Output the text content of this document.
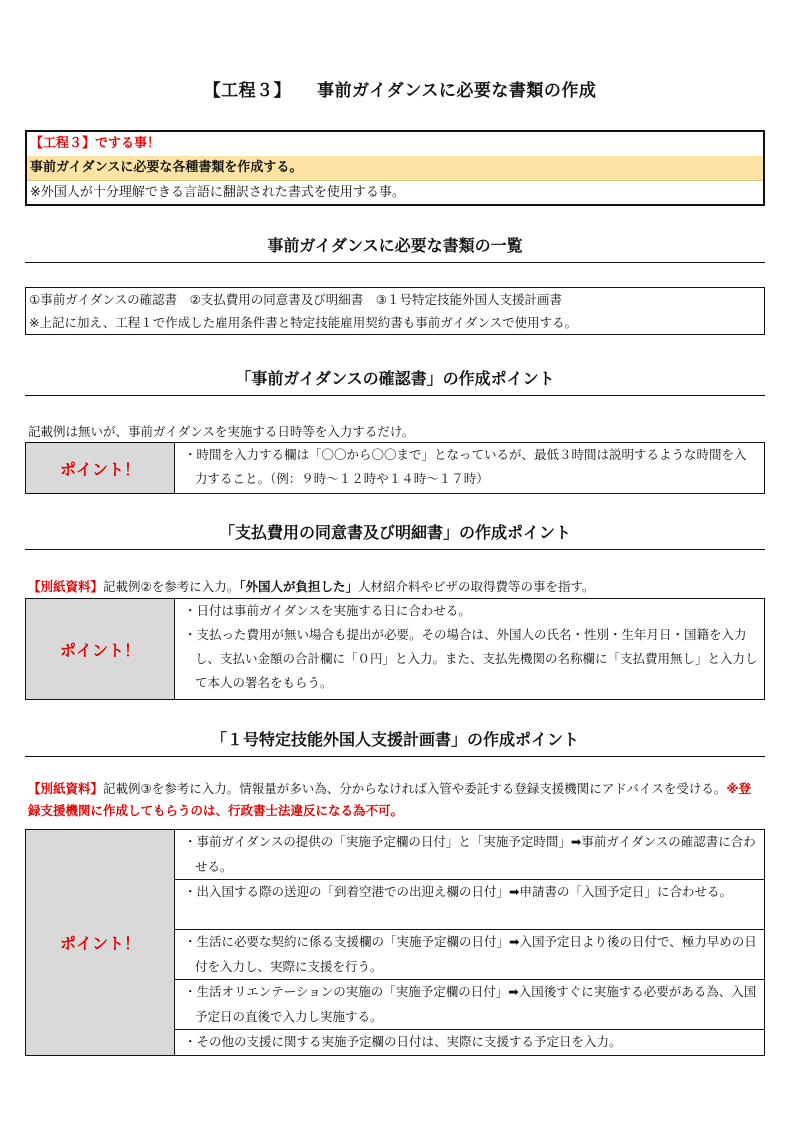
【工程３】 事前ガイダンスに必要な書類の作成
【工程３】でする事！
事前ガイダンスに必要な各種書類を作成する。
※外国人が十分理解できる言語に翻訳された書式を使用する事。
事前ガイダンスに必要な書類の一覧
①事前ガイダンスの確認書　②支払費用の同意書及び明細書　③１号特定技能外国人支援計画書
※上記に加え、工程１で作成した雇用条件書と特定技能雇用契約書も事前ガイダンスで使用する。
「事前ガイダンスの確認書」の作成ポイント
記載例は無いが、事前ガイダンスを実施する日時等を入力するだけ。
ポイント！	
・時間を入力する欄は「〇〇から〇〇まで」となっているが、最低３時間は説明するような時間を入力すること。（例：９時～１２時や１４時～１７時）
「支払費用の同意書及び明細書」の作成ポイント
【別紙資料】記載例②を参考に入力。「外国人が負担した」人材紹介料やビザの取得費等の事を指す。
ポイント！	
・日付は事前ガイダンスを実施する日に合わせる。
・支払った費用が無い場合も提出が必要。その場合は、外国人の氏名・性別・生年月日・国籍を入力し、支払い金額の合計欄に「０円」と入力。また、支払先機関の名称欄に「支払費用無し」と入力して本人の署名をもらう。
「１号特定技能外国人支援計画書」の作成ポイント
【別紙資料】記載例③を参考に入力。情報量が多い為、分からなければ入管や委託する登録支援機関にアドバイスを受ける。※登録支援機関に作成してもらうのは、行政書士法違反になる為不可。
ポイント！	
・事前ガイダンスの提供の「実施予定欄の日付」と「実施予定時間」➡事前ガイダンスの確認書に合わせる。

・出入国する際の送迎の「到着空港での出迎え欄の日付」➡申請書の「入国予定日」に合わせる。

・生活に必要な契約に係る支援欄の「実施予定欄の日付」➡入国予定日より後の日付で、極力早めの日付を入力し、実際に支援を行う。

・生活オリエンテーションの実施の「実施予定欄の日付」➡入国後すぐに実施する必要がある為、入国予定日の直後で入力し実施する。

・その他の支援に関する実施予定欄の日付は、実際に支援する予定日を入力。
